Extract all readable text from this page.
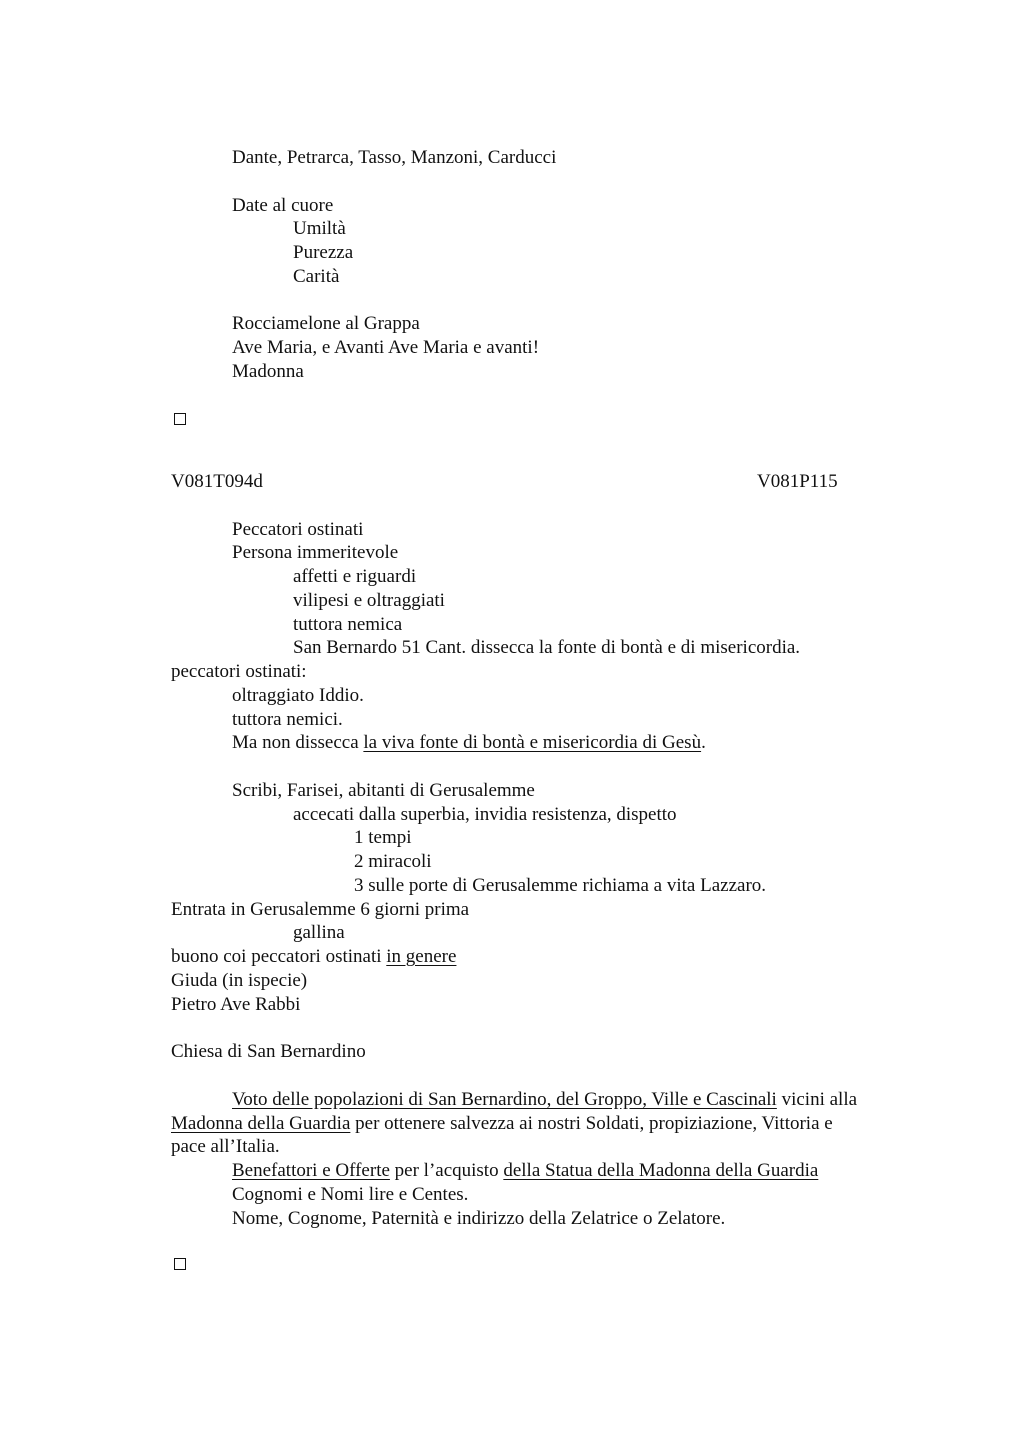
Dante, Petrarca, Tasso, Manzoni, Carducci
Date al cuore
Umiltà
Purezza
Carità
Rocciamelone al Grappa
Ave Maria, e Avanti Ave Maria e avanti!
Madonna
V081T094d	V081P115
Peccatori ostinati
Persona immeritevole
affetti e riguardi
vilipesi e oltraggiati
tuttora nemica
San Bernardo 51 Cant. dissecca la fonte di bontà e di misericordia.
peccatori ostinati:
oltraggiato Iddio.
tuttora nemici.
Ma non dissecca la viva fonte di bontà e misericordia di Gesù.
Scribi, Farisei, abitanti di Gerusalemme
accecati dalla superbia, invidia resistenza, dispetto
1 tempi
2 miracoli
3 sulle porte di Gerusalemme richiama a vita Lazzaro.
Entrata in Gerusalemme 6 giorni prima
gallina
buono coi peccatori ostinati in genere
Giuda (in ispecie)
Pietro Ave Rabbi
Chiesa di San Bernardino
Voto delle popolazioni di San Bernardino, del Groppo, Ville e Cascinali vicini alla
Madonna della Guardia per ottenere salvezza ai nostri Soldati, propiziazione, Vittoria e
pace all’Italia.
Benefattori e Offerte per l’acquisto della Statua della Madonna della Guardia
Cognomi e Nomi lire e Centes.
Nome, Cognome, Paternità e indirizzo della Zelatrice o Zelatore.
